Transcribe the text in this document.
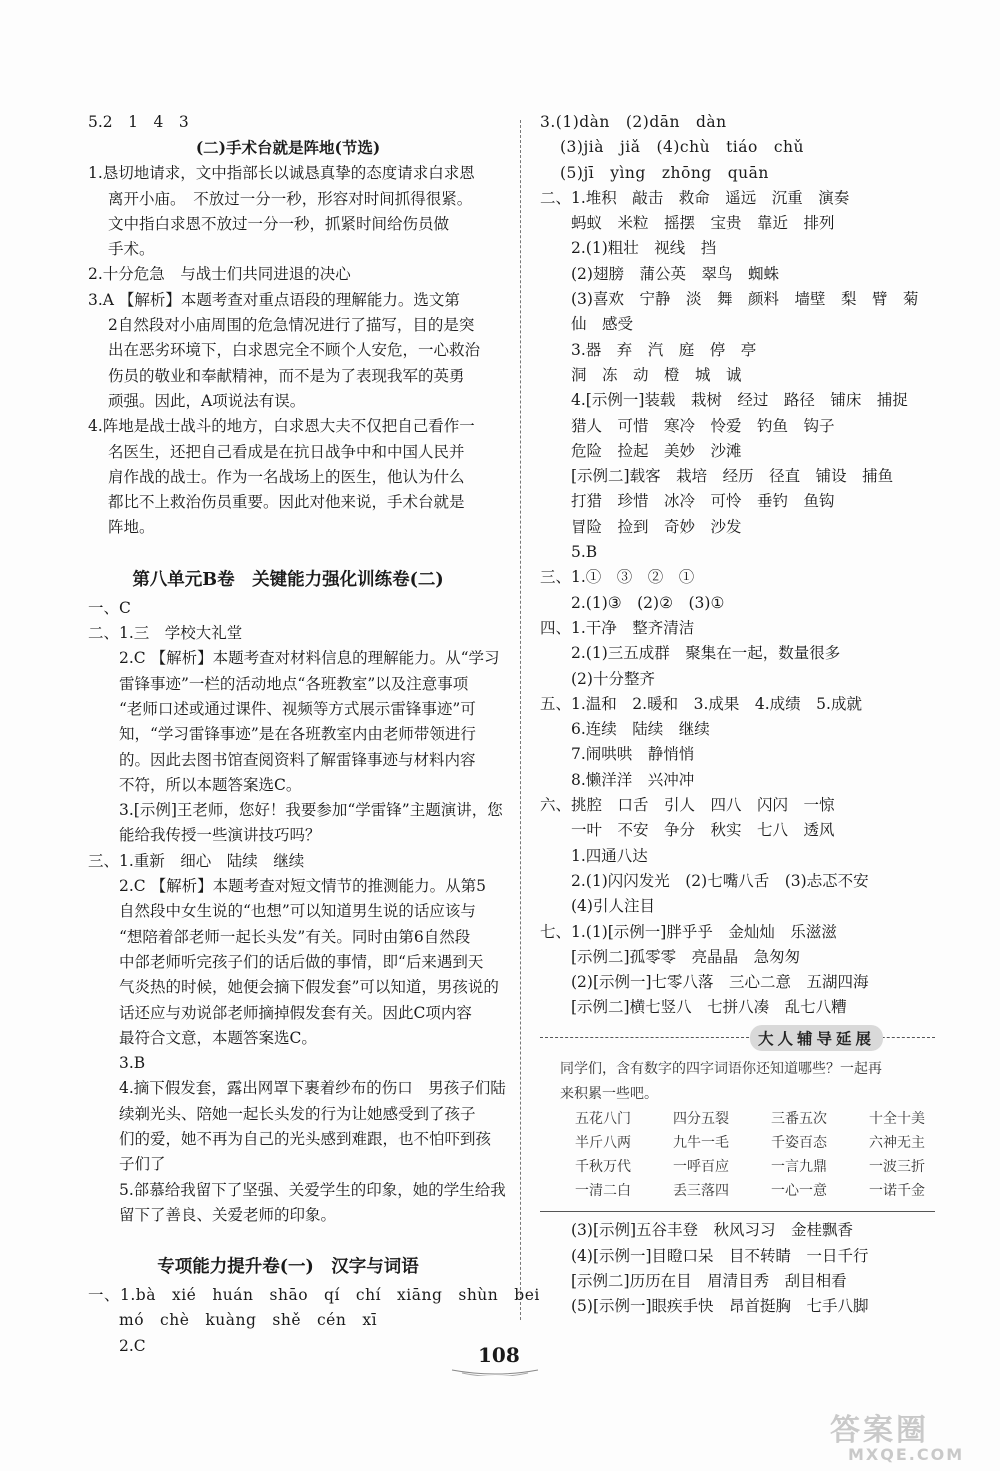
5.2　1　4　3
(二)手术台就是阵地(节选)
1.恳切地请求，文中指部长以诚恳真挚的态度请求白求恩
离开小庙。　不放过一分一秒，形容对时间抓得很紧。
文中指白求恩不放过一分一秒，抓紧时间给伤员做
手术。
2.十分危急　与战士们共同进退的决心
3.A 【解析】本题考查对重点语段的理解能力。选文第
2自然段对小庙周围的危急情况进行了描写，目的是突
出在恶劣环境下，白求恩完全不顾个人安危，一心救治
伤员的敬业和奉献精神，而不是为了表现我军的英勇
顽强。因此，A项说法有误。
4.阵地是战士战斗的地方，白求恩大夫不仅把自己看作一
名医生，还把自己看成是在抗日战争中和中国人民并
肩作战的战士。作为一名战场上的医生，他认为什么
都比不上救治伤员重要。因此对他来说，手术台就是
阵地。
第八单元B卷　关键能力强化训练卷(二)
一、C
二、1.三　学校大礼堂
2.C 【解析】本题考查对材料信息的理解能力。从“学习
雷锋事迹”一栏的活动地点“各班教室”以及注意事项
“老师口述或通过课件、视频等方式展示雷锋事迹”可
知，“学习雷锋事迹”是在各班教室内由老师带领进行
的。因此去图书馆查阅资料了解雷锋事迹与材料内容
不符，所以本题答案选C。
3.[示例]王老师，您好！我要参加“学雷锋”主题演讲，您
能给我传授一些演讲技巧吗？
三、1.重新　细心　陆续　继续
2.C 【解析】本题考查对短文情节的推测能力。从第5
自然段中女生说的“也想”可以知道男生说的话应该与
“想陪着郃老师一起长头发”有关。同时由第6自然段
中郃老师听完孩子们的话后做的事情，即“后来遇到天
气炎热的时候，她便会摘下假发套”可以知道，男孩说的
话还应与劝说郃老师摘掉假发套有关。因此C项内容
最符合文意，本题答案选C。
3.B
4.摘下假发套，露出网罩下裹着纱布的伤口　男孩子们陆
续剃光头、陪她一起长头发的行为让她感受到了孩子
们的爱，她不再为自己的光头感到难跟，也不怕吓到孩
子们了
5.郃慕给我留下了坚强、关爱学生的印象，她的学生给我
留下了善良、关爱老师的印象。
专项能力提升卷(一)　汉字与词语
一、1.bà　xié　huán　shāo　qí　chí　xiāng　shùn　bei
mó　chè　kuàng　shě　cén　xī
2.C
3.(1)dàn　(2)dān　dàn
(3)jià　jiǎ　(4)chù　tiáo　chǔ
(5)jī　yìng　zhōng　quān
二、1.堆积　敲击　救命　遥远　沉重　演奏
蚂蚁　米粒　摇摆　宝贵　靠近　排列
2.(1)粗壮　视线　挡
(2)翅膀　蒲公英　翠鸟　蜘蛛
(3)喜欢　宁静　淡　舞　颜料　墙壁　梨　臂　菊
仙　感受
3.器　弃　汽　庭　停　亭
洞　冻　动　橙　城　诚
4.[示例一]装载　栽树　经过　路径　铺床　捕捉
猎人　可惜　寒冷　怜爱　钓鱼　钩子
危险　捡起　美妙　沙滩
[示例二]载客　栽培　经历　径直　铺设　捕鱼
打猎　珍惜　冰冷　可怜　垂钓　鱼钩
冒险　捡到　奇妙　沙发
5.B
三、1.①　③　②　①
2.(1)③　(2)②　(3)①
四、1.干净　整齐清洁
2.(1)三五成群　聚集在一起，数量很多
(2)十分整齐
五、1.温和　2.暖和　3.成果　4.成绩　5.成就
6.连续　陆续　继续
7.闹哄哄　静悄悄
8.懒洋洋　兴冲冲
六、挑腔　口舌　引人　四八　闪闪　一惊
一叶　不安　争分　秋实　七八　透风
1.四通八达
2.(1)闪闪发光　(2)七嘴八舌　(3)忐忑不安
(4)引人注目
七、1.(1)[示例一]胖乎乎　金灿灿　乐滋滋
[示例二]孤零零　亮晶晶　急匆匆
(2)[示例一]七零八落　三心二意　五湖四海
[示例二]横七竖八　七拼八凑　乱七八糟
大人辅导延展
同学们，含有数字的四字词语你还知道哪些？一起再
来积累一些吧。
五花八门	四分五裂	三番五次	十全十美
半斤八两	九牛一毛	千姿百态	六神无主
千秋万代	一呼百应	一言九鼎	一波三折
一清二白	丢三落四	一心一意	一诺千金
(3)[示例]五谷丰登　秋风习习　金桂飘香
(4)[示例一]目瞪口呆　目不转睛　一日千行
[示例二]历历在目　眉清目秀　刮目相看
(5)[示例一]眼疾手快　昂首挺胸　七手八脚
108
答案圈
MXQE.COM
